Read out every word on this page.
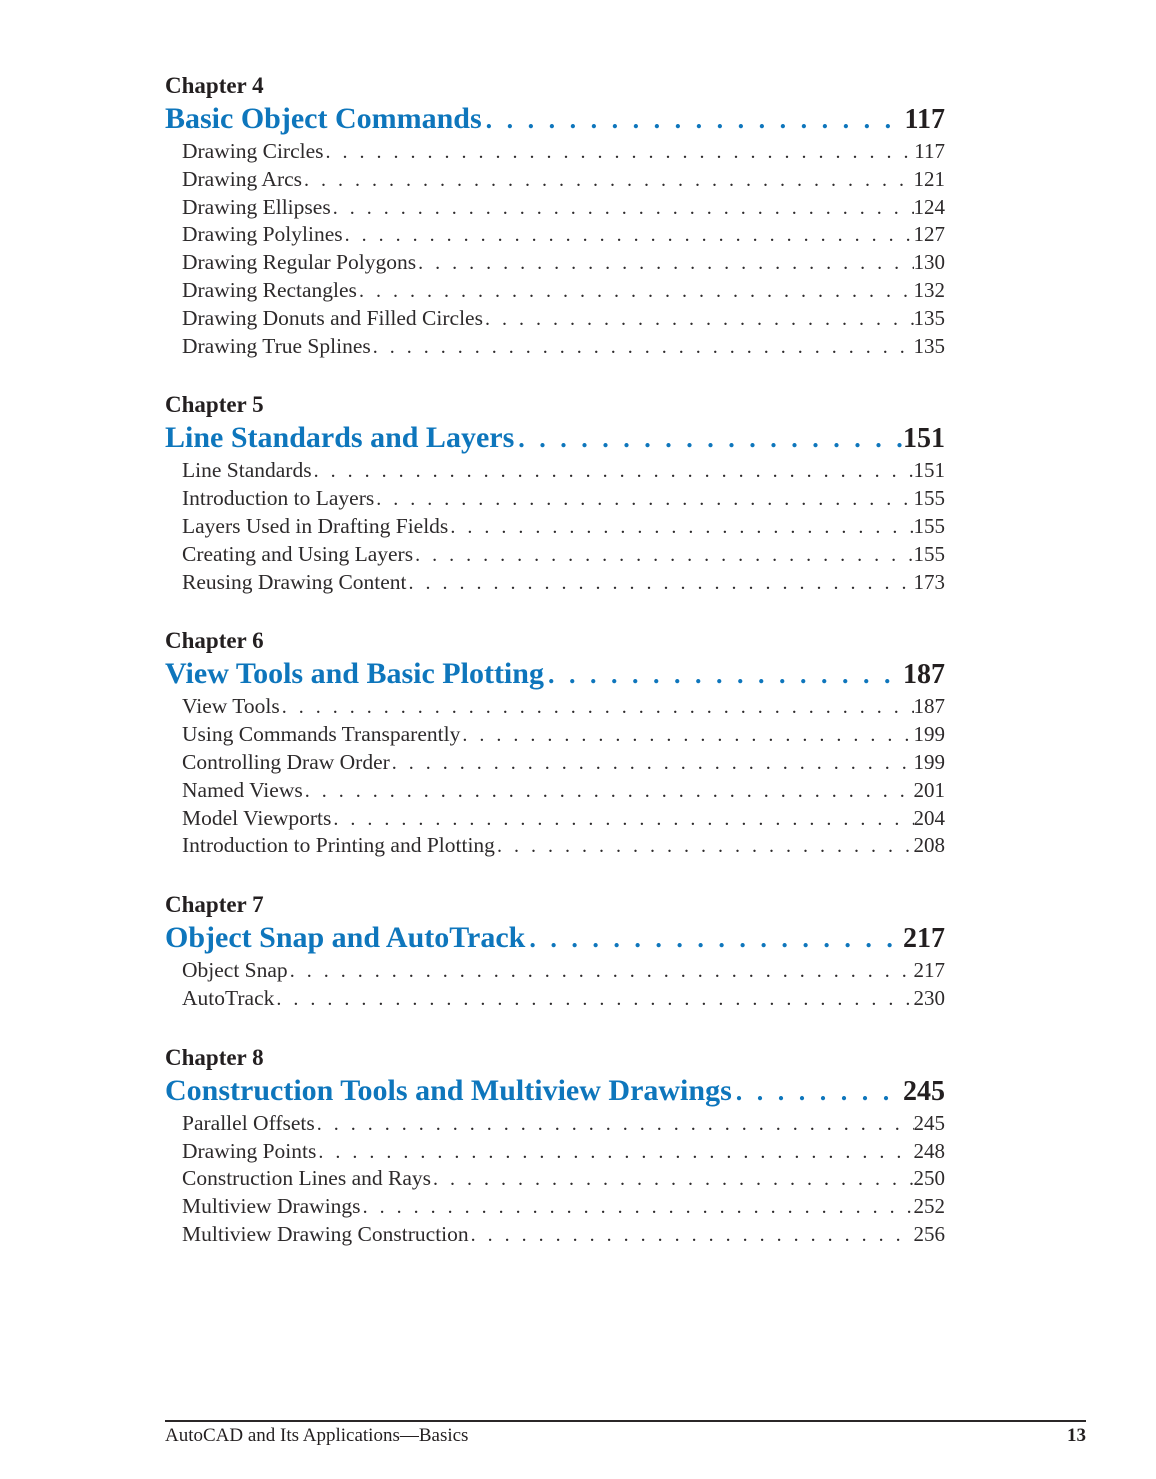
Chapter 4
Basic Object Commands . . .	117
Drawing Circles . . .	117
Drawing Arcs . . .	121
Drawing Ellipses . . .	124
Drawing Polylines . . .	127
Drawing Regular Polygons . . .	130
Drawing Rectangles . . .	132
Drawing Donuts and Filled Circles . . .	135
Drawing True Splines . . .	135
Chapter 5
Line Standards and Layers . . .	151
Line Standards . . .	151
Introduction to Layers . . .	155
Layers Used in Drafting Fields . . .	155
Creating and Using Layers . . .	155
Reusing Drawing Content . . .	173
Chapter 6
View Tools and Basic Plotting . . .	187
View Tools . . .	187
Using Commands Transparently . . .	199
Controlling Draw Order . . .	199
Named Views . . .	201
Model Viewports . . .	204
Introduction to Printing and Plotting . . .	208
Chapter 7
Object Snap and AutoTrack . . .	217
Object Snap . . .	217
AutoTrack . . .	230
Chapter 8
Construction Tools and Multiview Drawings . . .	245
Parallel Offsets . . .	245
Drawing Points . . .	248
Construction Lines and Rays . . .	250
Multiview Drawings . . .	252
Multiview Drawing Construction . . .	256
AutoCAD and Its Applications—Basics	13
